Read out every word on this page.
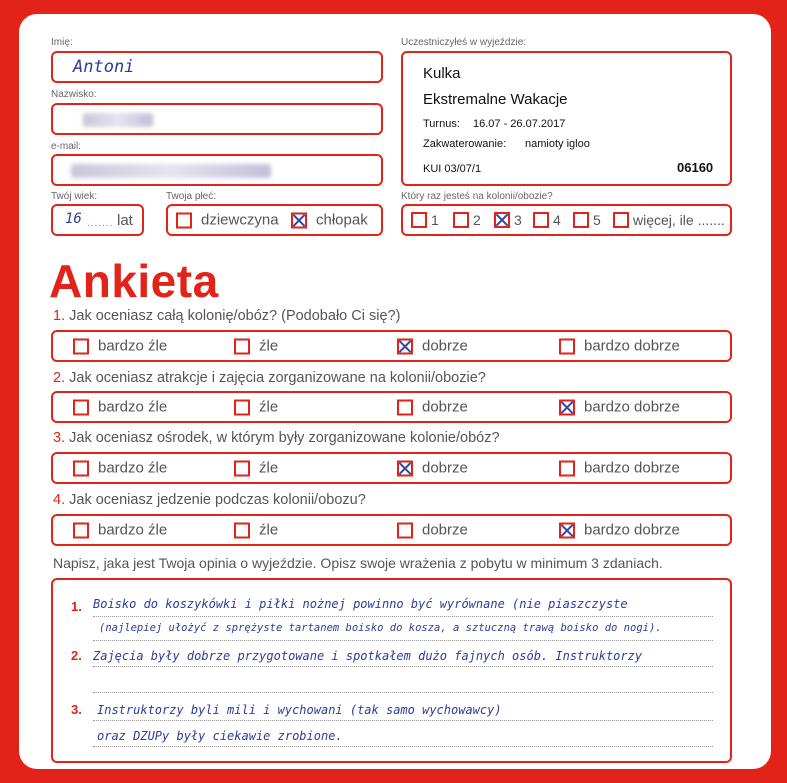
Imię:
Antoni
Nazwisko:
e-mail:
Twój wiek:
16 ....... lat
Twoja płeć:
dziewczyna chłopak
Uczestniczyłeś w wyjeździe:
Kulka
Ekstremalne Wakacje
Turnus: 16.07 - 26.07.2017
Zakwaterowanie: namioty igloo
KUI 03/07/1	06160
Który raz jesteś na kolonii/obozie?
1 2 3 4 5 więcej, ile .......
Ankieta
1. Jak oceniasz całą kolonię/obóz? (Podobało Ci się?)
bardzo źle	źle	dobrze	bardzo dobrze
2. Jak oceniasz atrakcje i zajęcia zorganizowane na kolonii/obozie?
bardzo źle	źle	dobrze	bardzo dobrze
3. Jak oceniasz ośrodek, w którym były zorganizowane kolonie/obóz?
bardzo źle	źle	dobrze	bardzo dobrze
4. Jak oceniasz jedzenie podczas kolonii/obozu?
bardzo źle	źle	dobrze	bardzo dobrze
Napisz, jaka jest Twoja opinia o wyjeździe. Opisz swoje wrażenia z pobytu w minimum 3 zdaniach.
1.
2.
3.
Boisko do koszykówki i piłki nożnej powinno być wyrównane (nie piaszczyste
(najlepiej ułożyć z sprężyste tartanem boisko do kosza, a sztuczną trawą boisko do nogi).
Zajęcia były dobrze przygotowane i spotkałem dużo fajnych osób. Instruktorzy
Instruktorzy byli mili i wychowani (tak samo wychowawcy)
oraz DZUPy były ciekawie zrobione.
